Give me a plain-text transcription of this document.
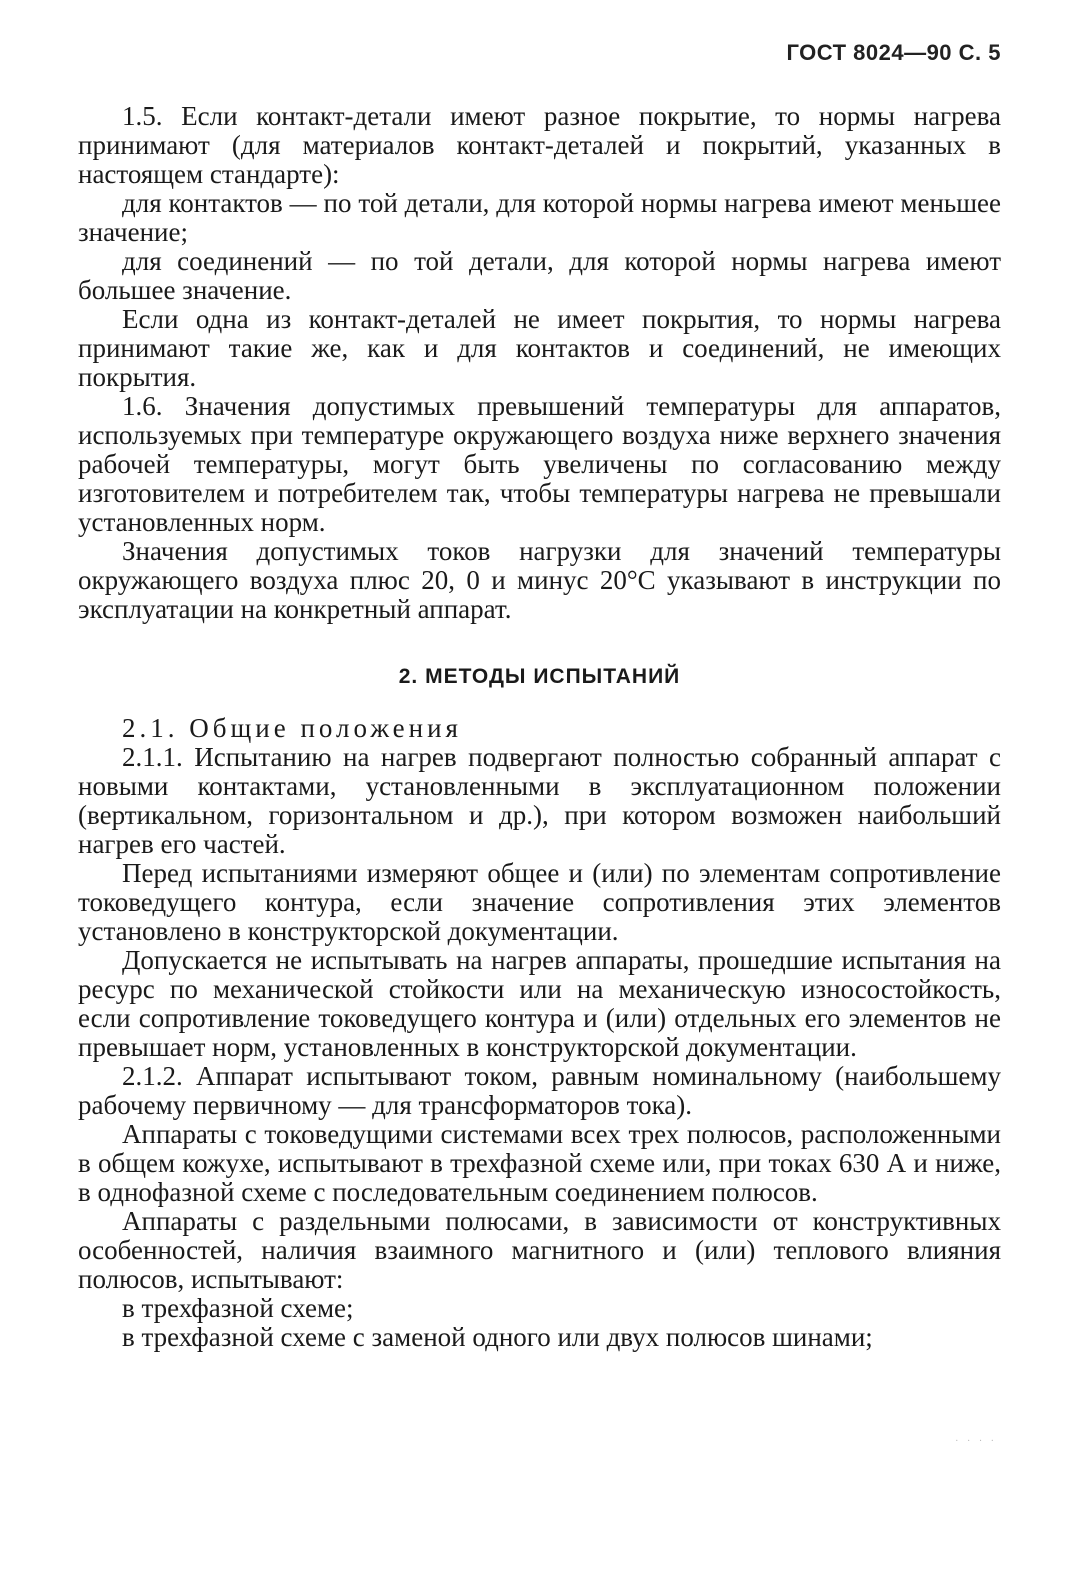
ГОСТ 8024—90 С. 5

1.5. Если контакт-детали имеют разное покрытие, то нормы нагрева принимают (для материалов контакт-деталей и покрытий, указанных в настоящем стандарте):

для контактов — по той детали, для которой нормы нагрева имеют меньшее значение;

для соединений — по той детали, для которой нормы нагрева имеют большее значение.

Если одна из контакт-деталей не имеет покрытия, то нормы нагрева принимают такие же, как и для контактов и соединений, не имеющих покрытия.

1.6. Значения допустимых превышений температуры для аппаратов, используемых при температуре окружающего воздуха ниже верхнего значения рабочей температуры, могут быть увеличены по согласованию между изготовителем и потребителем так, чтобы температуры нагрева не превышали установленных норм.

Значения допустимых токов нагрузки для значений температуры окружающего воздуха плюс 20, 0 и минус 20°С указывают в инструкции по эксплуатации на конкретный аппарат.

2. МЕТОДЫ ИСПЫТАНИЙ

2.1. Общие положения

2.1.1. Испытанию на нагрев подвергают полностью собранный аппарат с новыми контактами, установленными в эксплуатационном положении (вертикальном, горизонтальном и др.), при котором возможен наибольший нагрев его частей.

Перед испытаниями измеряют общее и (или) по элементам сопротивление токоведущего контура, если значение сопротивления этих элементов установлено в конструкторской документации.

Допускается не испытывать на нагрев аппараты, прошедшие испытания на ресурс по механической стойкости или на механическую износостойкость, если сопротивление токоведущего контура и (или) отдельных его элементов не превышает норм, установленных в конструкторской документации.

2.1.2. Аппарат испытывают током, равным номинальному (наибольшему рабочему первичному — для трансформаторов тока).

Аппараты с токоведущими системами всех трех полюсов, расположенными в общем кожухе, испытывают в трехфазной схеме или, при токах 630 А и ниже, в однофазной схеме с последовательным соединением полюсов.

Аппараты с раздельными полюсами, в зависимости от конструктивных особенностей, наличия взаимного магнитного и (или) теплового влияния полюсов, испытывают:

в трехфазной схеме;

в трехфазной схеме с заменой одного или двух полюсов шинами;

· · · ·
